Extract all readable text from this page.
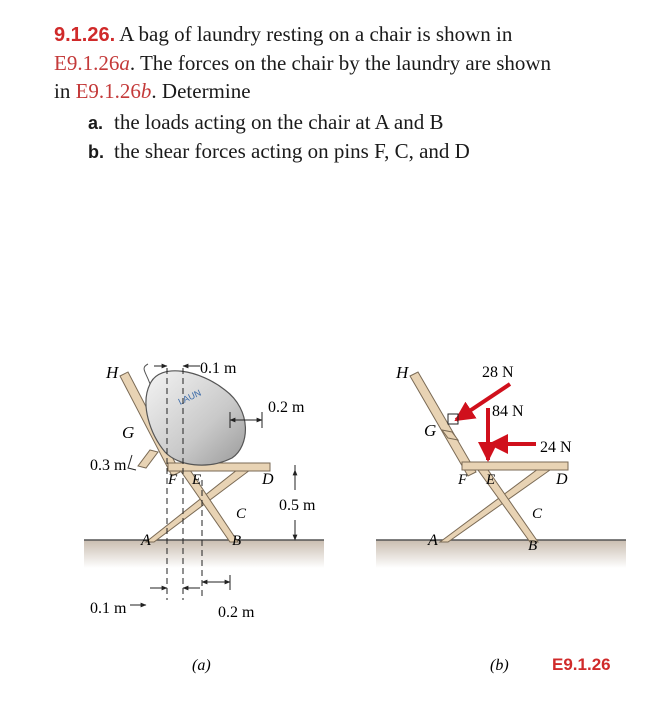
9.1.26. A bag of laundry resting on a chair is shown in
E9.1.26a. The forces on the chair by the laundry are shown
in E9.1.26b. Determine
a. the loads acting on the chair at A and B
b. the shear forces acting on pins F, C, and D
LAUN
0.1 m
0.2 m
0.3 m
0.5 m
0.1 m	0.2 m
H
G
F E	D
C
B
A
(a)
28 N
84 N
24 N
H
G
F E	D
C
B
A
(b)	E9.1.26
